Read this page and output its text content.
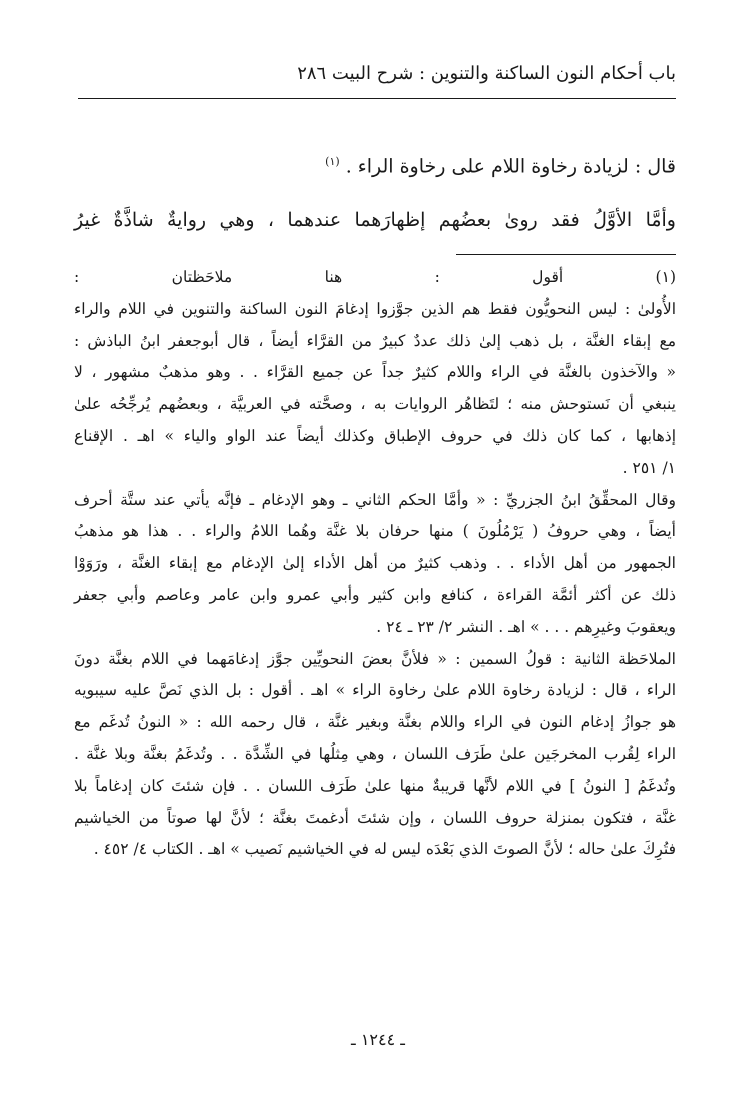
باب أحكام النون الساكنة والتنوين : شرح البيت ٢٨٦
قال : لزيادة رخاوة اللام على رخاوة الراء . $^{(١)}$
وأمَّا الأوَّلُ فقد روىٰ بعضُهم إظهارَهما عندهما ، وهي روايةٌ شاذَّةٌ غيرُ
(١) أقول : هنا ملاحَظتان :
الأُولىٰ : ليس النحويُّون فقط هم الذين جوَّزوا إدغامَ النون الساكنة والتنوين في اللام والراء
مع إبقاء الغنَّة ، بل ذهب إلىٰ ذلك عددٌ كبيرٌ من القرَّاء أيضاً ، قال أبوجعفر ابنُ الباذش :
« والآخذون بالغنَّة في الراء واللام كثيرٌ جداً عن جميع القرَّاء . . وهو مذهبٌ مشهور ، لا
ينبغي أن نَستوحش منه ؛ لتَظاهُر الروايات به ، وصحَّته في العربيَّة ، وبعضُهم يُرجِّحُه علىٰ
إذهابها ، كما كان ذلك في حروف الإطباق وكذلك أيضاً عند الواو والياء » اهـ . الإقناع
١/ ٢٥١ .
وقال المحقِّقُ ابنُ الجزريِّ : « وأمَّا الحكم الثاني ـ وهو الإدغام ـ فإنَّه يأتي عند ستَّة أحرف
أيضاً ، وهي حروفُ ( يَرْمُلُونَ ) منها حرفان بلا غنَّة وهُما اللامُ والراء . . هذا هو مذهبُ
الجمهور من أهل الأداء . . وذهب كثيرٌ من أهل الأداء إلىٰ الإدغام مع إبقاء الغنَّة ، ورَوَوْا
ذلك عن أكثر أئمَّة القراءة ، كنافع وابن كثير وأبي عمرو وابن عامر وعاصم وأبي جعفر
ويعقوبَ وغيرِهم . . . » اهـ . النشر ٢/ ٢٣ ـ ٢٤ .
الملاحَظة الثانية : قولُ السمين : « فلأنَّ بعضَ النحويِّين جوَّز إدغامَهما في اللام بغنَّة دونَ
الراء ، قال : لزيادة رخاوة اللام علىٰ رخاوة الراء » اهـ . أقول : بل الذي نَصَّ عليه سيبويه
هو جوازُ إدغام النون في الراء واللام بغنَّة وبغير غنَّة ، قال رحمه الله : « النونُ تُدغَم مع
الراء لِقُرب المخرجَين علىٰ طَرَف اللسان ، وهي مِثلُها في الشِّدَّة . . وتُدغَمُ بغنَّة وبلا غنَّة .
وتُدغَمُ [ النونُ ] في اللام لأنَّها قريبةٌ منها علىٰ طَرَف اللسان . . فإن شئتَ كان إدغاماً بلا
غنَّة ، فتكون بمنزلة حروف اللسان ، وإن شئتَ أدغمتَ بغنَّة ؛ لأنَّ لها صوتاً من الخياشيم
فتُرِكَ علىٰ حاله ؛ لأنَّ الصوتَ الذي بَعْدَه ليس له في الخياشيم نَصيب » اهـ . الكتاب ٤/ ٤٥٢ .
ـ ١٢٤٤ ـ
